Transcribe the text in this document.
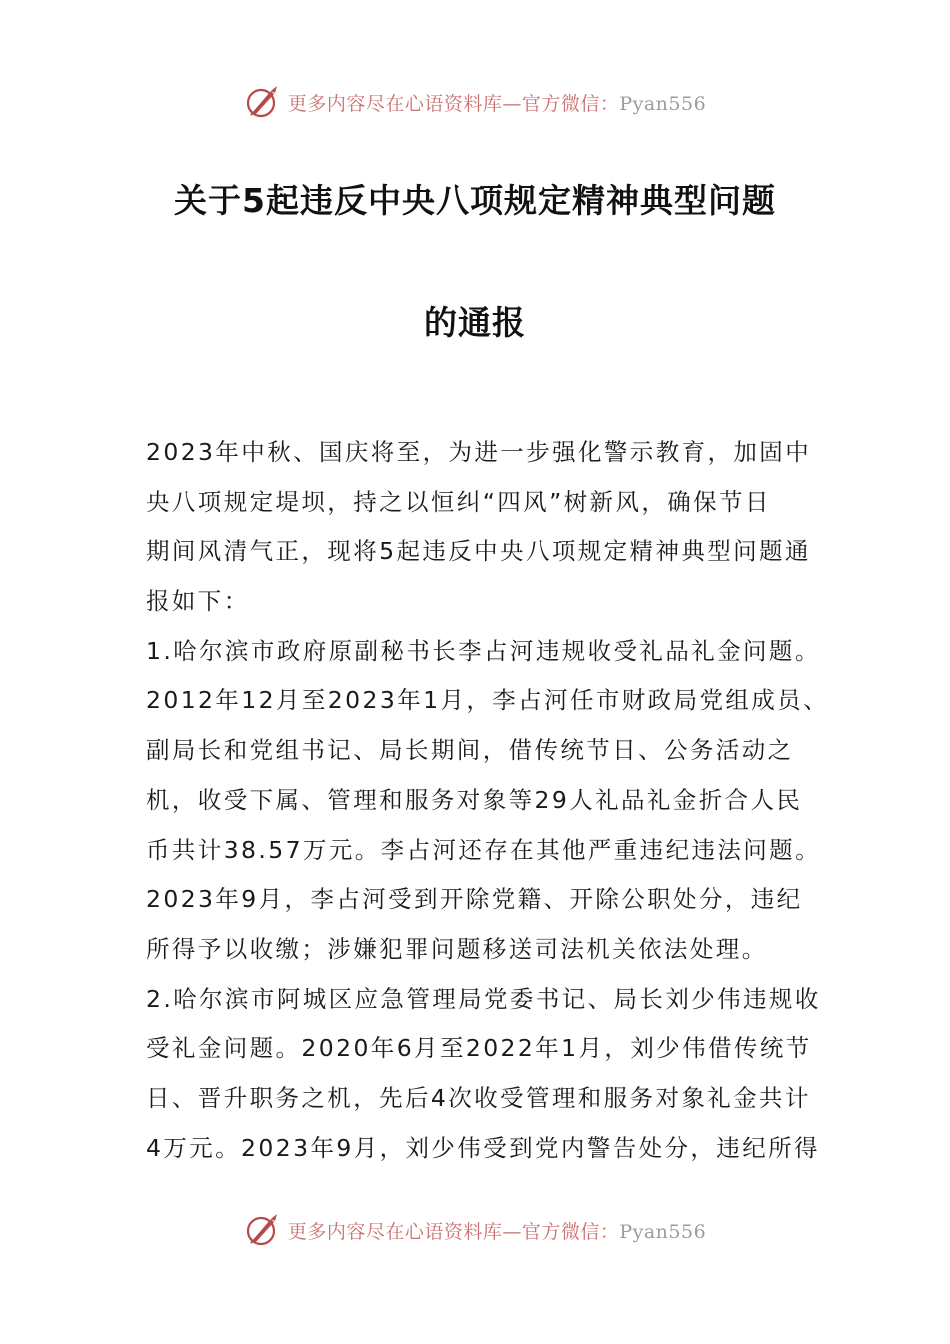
更多内容尽在心语资料库—官方微信：Pyan556
关于5起违反中央八项规定精神典型问题
的通报
2023年中秋、国庆将至，为进一步强化警示教育，加固中
央八项规定堤坝，持之以恒纠“四风”树新风，确保节日
期间风清气正，现将5起违反中央八项规定精神典型问题通
报如下：
1.哈尔滨市政府原副秘书长李占河违规收受礼品礼金问题。
2012年12月至2023年1月，李占河任市财政局党组成员、
副局长和党组书记、局长期间，借传统节日、公务活动之
机，收受下属、管理和服务对象等29人礼品礼金折合人民
币共计38.57万元。李占河还存在其他严重违纪违法问题。
2023年9月，李占河受到开除党籍、开除公职处分，违纪
所得予以收缴；涉嫌犯罪问题移送司法机关依法处理。
2.哈尔滨市阿城区应急管理局党委书记、局长刘少伟违规收
受礼金问题。2020年6月至2022年1月，刘少伟借传统节
日、晋升职务之机，先后4次收受管理和服务对象礼金共计
4万元。2023年9月，刘少伟受到党内警告处分，违纪所得
更多内容尽在心语资料库—官方微信：Pyan556
